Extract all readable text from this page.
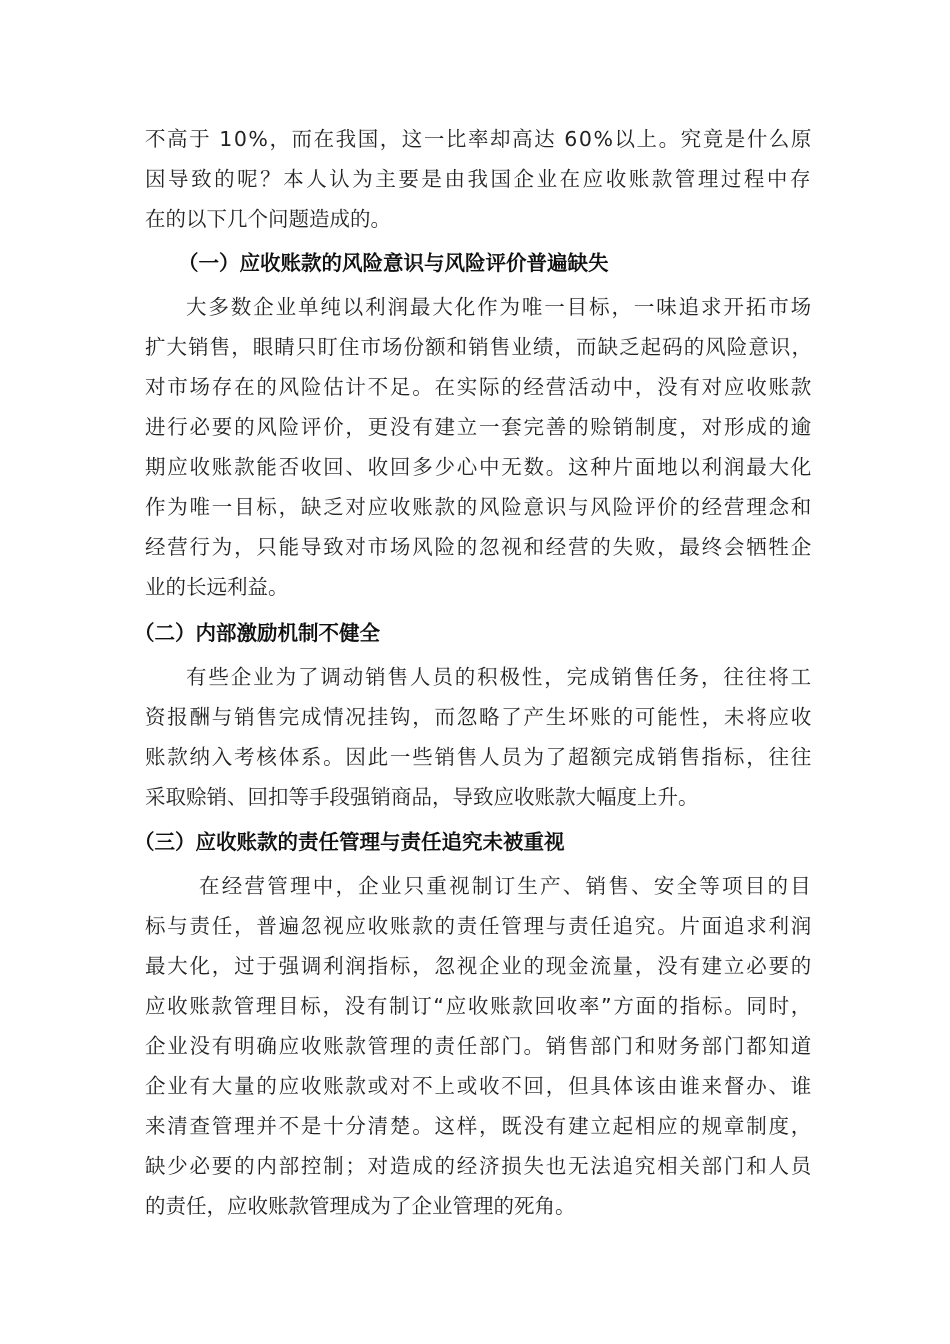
不高于 10%，而在我国，这一比率却高达 60%以上。究竟是什么原
因导致的呢？本人认为主要是由我国企业在应收账款管理过程中存
在的以下几个问题造成的。
（一）应收账款的风险意识与风险评价普遍缺失
大多数企业单纯以利润最大化作为唯一目标，一味追求开拓市场
扩大销售，眼睛只盯住市场份额和销售业绩，而缺乏起码的风险意识，
对市场存在的风险估计不足。在实际的经营活动中，没有对应收账款
进行必要的风险评价，更没有建立一套完善的赊销制度，对形成的逾
期应收账款能否收回、收回多少心中无数。这种片面地以利润最大化
作为唯一目标，缺乏对应收账款的风险意识与风险评价的经营理念和
经营行为，只能导致对市场风险的忽视和经营的失败，最终会牺牲企
业的长远利益。
（二）内部激励机制不健全
有些企业为了调动销售人员的积极性，完成销售任务，往往将工
资报酬与销售完成情况挂钩，而忽略了产生坏账的可能性，未将应收
账款纳入考核体系。因此一些销售人员为了超额完成销售指标，往往
采取赊销、回扣等手段强销商品，导致应收账款大幅度上升。
（三）应收账款的责任管理与责任追究未被重视
在经营管理中，企业只重视制订生产、销售、安全等项目的目
标与责任，普遍忽视应收账款的责任管理与责任追究。片面追求利润
最大化，过于强调利润指标，忽视企业的现金流量，没有建立必要的
应收账款管理目标，没有制订“应收账款回收率”方面的指标。同时，
企业没有明确应收账款管理的责任部门。销售部门和财务部门都知道
企业有大量的应收账款或对不上或收不回，但具体该由谁来督办、谁
来清查管理并不是十分清楚。这样，既没有建立起相应的规章制度，
缺少必要的内部控制；对造成的经济损失也无法追究相关部门和人员
的责任，应收账款管理成为了企业管理的死角。
